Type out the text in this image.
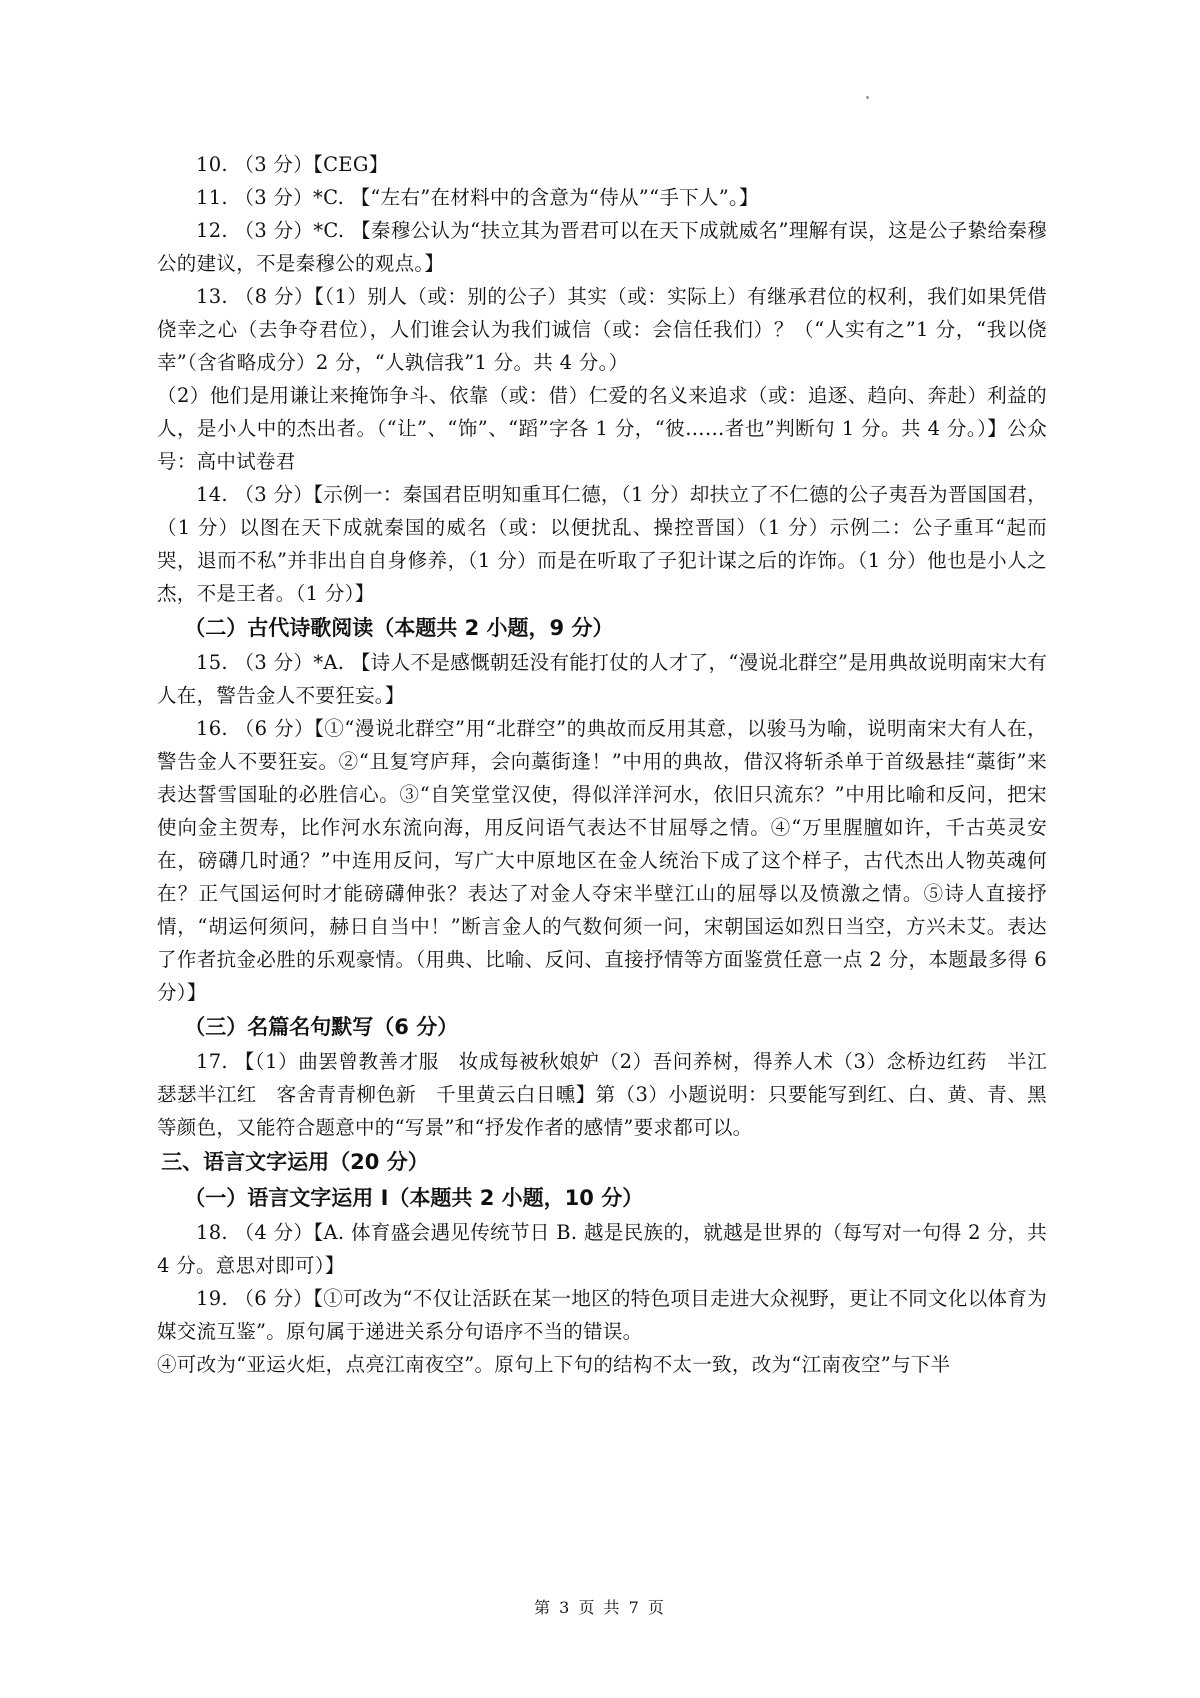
10. （3 分）【CEG】

11. （3 分）*C. 【“左右”在材料中的含意为“侍从”“手下人”。】

12. （3 分）*C. 【秦穆公认为“扶立其为晋君可以在天下成就威名”理解有误，这是公子絷给秦穆公的建议，不是秦穆公的观点。】

13. （8 分）【（1）别人（或：别的公子）其实（或：实际上）有继承君位的权利，我们如果凭借侥幸之心（去争夺君位），人们谁会认为我们诚信（或：会信任我们）？（“人实有之”1 分，“我以侥幸”（含省略成分）2 分，“人孰信我”1 分。共 4 分。）

（2）他们是用谦让来掩饰争斗、依靠（或：借）仁爱的名义来追求（或：追逐、趋向、奔赴）利益的人，是小人中的杰出者。（“让”、“饰”、“蹈”字各 1 分，“彼……者也”判断句 1 分。共 4 分。）】公众号：高中试卷君

14. （3 分）【示例一：秦国君臣明知重耳仁德，（1 分）却扶立了不仁德的公子夷吾为晋国国君，（1 分）以图在天下成就秦国的威名（或：以便扰乱、操控晋国）（1 分）示例二：公子重耳“起而哭，退而不私”并非出自自身修养，（1 分）而是在听取了子犯计谋之后的诈饰。（1 分）他也是小人之杰，不是王者。（1 分）】

（二）古代诗歌阅读（本题共 2 小题，9 分）

15. （3 分）*A. 【诗人不是感慨朝廷没有能打仗的人才了，“漫说北群空”是用典故说明南宋大有人在，警告金人不要狂妄。】

16. （6 分）【①“漫说北群空”用“北群空”的典故而反用其意，以骏马为喻，说明南宋大有人在，警告金人不要狂妄。②“且复穹庐拜，会向藁街逢！”中用的典故，借汉将斩杀单于首级悬挂“藁街”来表达誓雪国耻的必胜信心。③“自笑堂堂汉使，得似洋洋河水，依旧只流东？”中用比喻和反问，把宋使向金主贺寿，比作河水东流向海，用反问语气表达不甘屈辱之情。④“万里腥膻如许，千古英灵安在，磅礴几时通？”中连用反问，写广大中原地区在金人统治下成了这个样子，古代杰出人物英魂何在？正气国运何时才能磅礴伸张？表达了对金人夺宋半壁江山的屈辱以及愤激之情。⑤诗人直接抒情，“胡运何须问，赫日自当中！”断言金人的气数何须一问，宋朝国运如烈日当空，方兴未艾。表达了作者抗金必胜的乐观豪情。（用典、比喻、反问、直接抒情等方面鉴赏任意一点 2 分，本题最多得 6 分）】

（三）名篇名句默写（6 分）

17. 【（1）曲罢曾教善才服　妆成每被秋娘妒（2）吾问养树，得养人术（3）念桥边红药　半江瑟瑟半江红　客舍青青柳色新　千里黄云白日曛】第（3）小题说明：只要能写到红、白、黄、青、黑等颜色，又能符合题意中的“写景”和“抒发作者的感情”要求都可以。

三、语言文字运用（20 分）
（一）语言文字运用 I（本题共 2 小题，10 分）

18. （4 分）【A. 体育盛会遇见传统节日 B. 越是民族的，就越是世界的（每写对一句得 2 分，共 4 分。意思对即可）】

19. （6 分）【①可改为“不仅让活跃在某一地区的特色项目走进大众视野，更让不同文化以体育为媒交流互鉴”。原句属于递进关系分句语序不当的错误。

④可改为“亚运火炬，点亮江南夜空”。原句上下句的结构不太一致，改为“江南夜空”与下半

第 3 页 共 7 页
